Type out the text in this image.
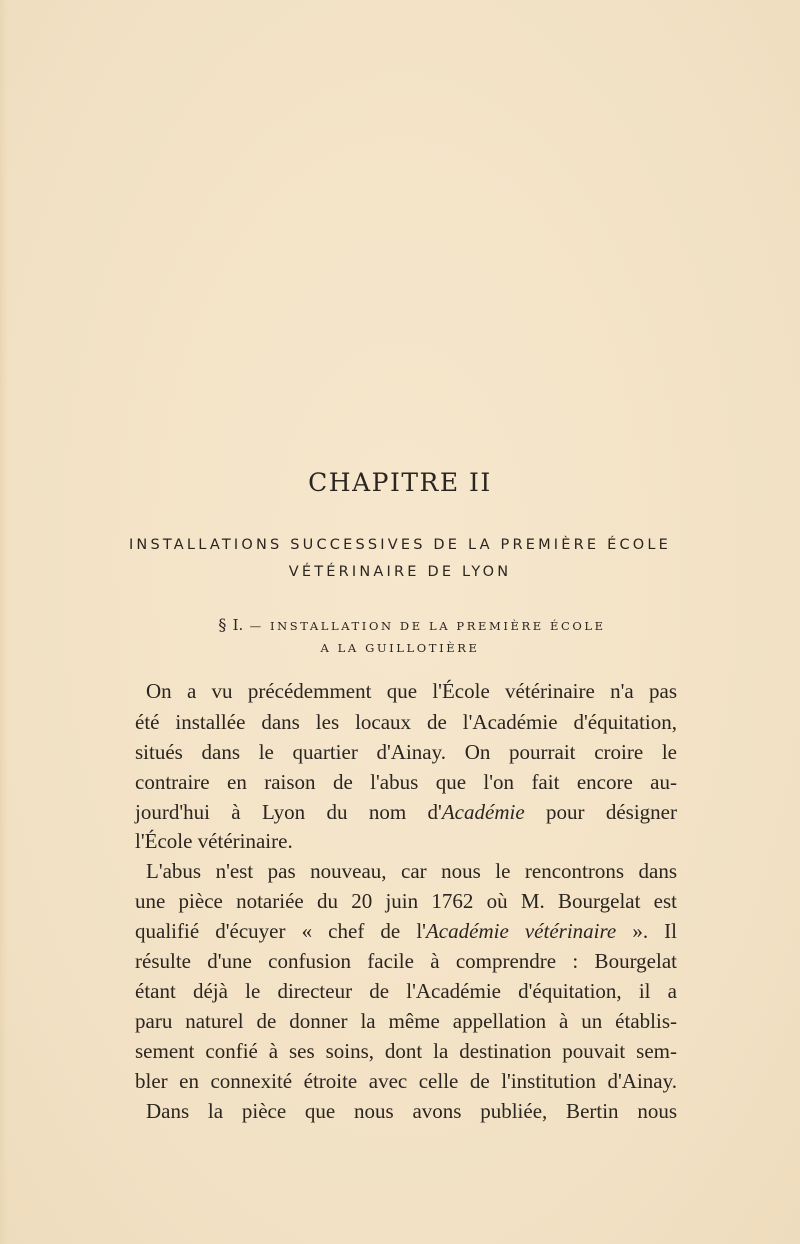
CHAPITRE II
INSTALLATIONS SUCCESSIVES DE LA PREMIÈRE ÉCOLE
VÉTÉRINAIRE DE LYON
§ I. — INSTALLATION DE LA PREMIÈRE ÉCOLE
A LA GUILLOTIÈRE
On a vu précédemment que l'École vétérinaire n'a pas
été installée dans les locaux de l'Académie d'équitation,
situés dans le quartier d'Ainay. On pourrait croire le
contraire en raison de l'abus que l'on fait encore au-
jourd'hui à Lyon du nom d'Académie pour désigner
l'École vétérinaire.
L'abus n'est pas nouveau, car nous le rencontrons dans
une pièce notariée du 20 juin 1762 où M. Bourgelat est
qualifié d'écuyer « chef de l'Académie vétérinaire ». Il
résulte d'une confusion facile à comprendre : Bourgelat
étant déjà le directeur de l'Académie d'équitation, il a
paru naturel de donner la même appellation à un établis-
sement confié à ses soins, dont la destination pouvait sem-
bler en connexité étroite avec celle de l'institution d'Ainay.
Dans la pièce que nous avons publiée, Bertin nous
